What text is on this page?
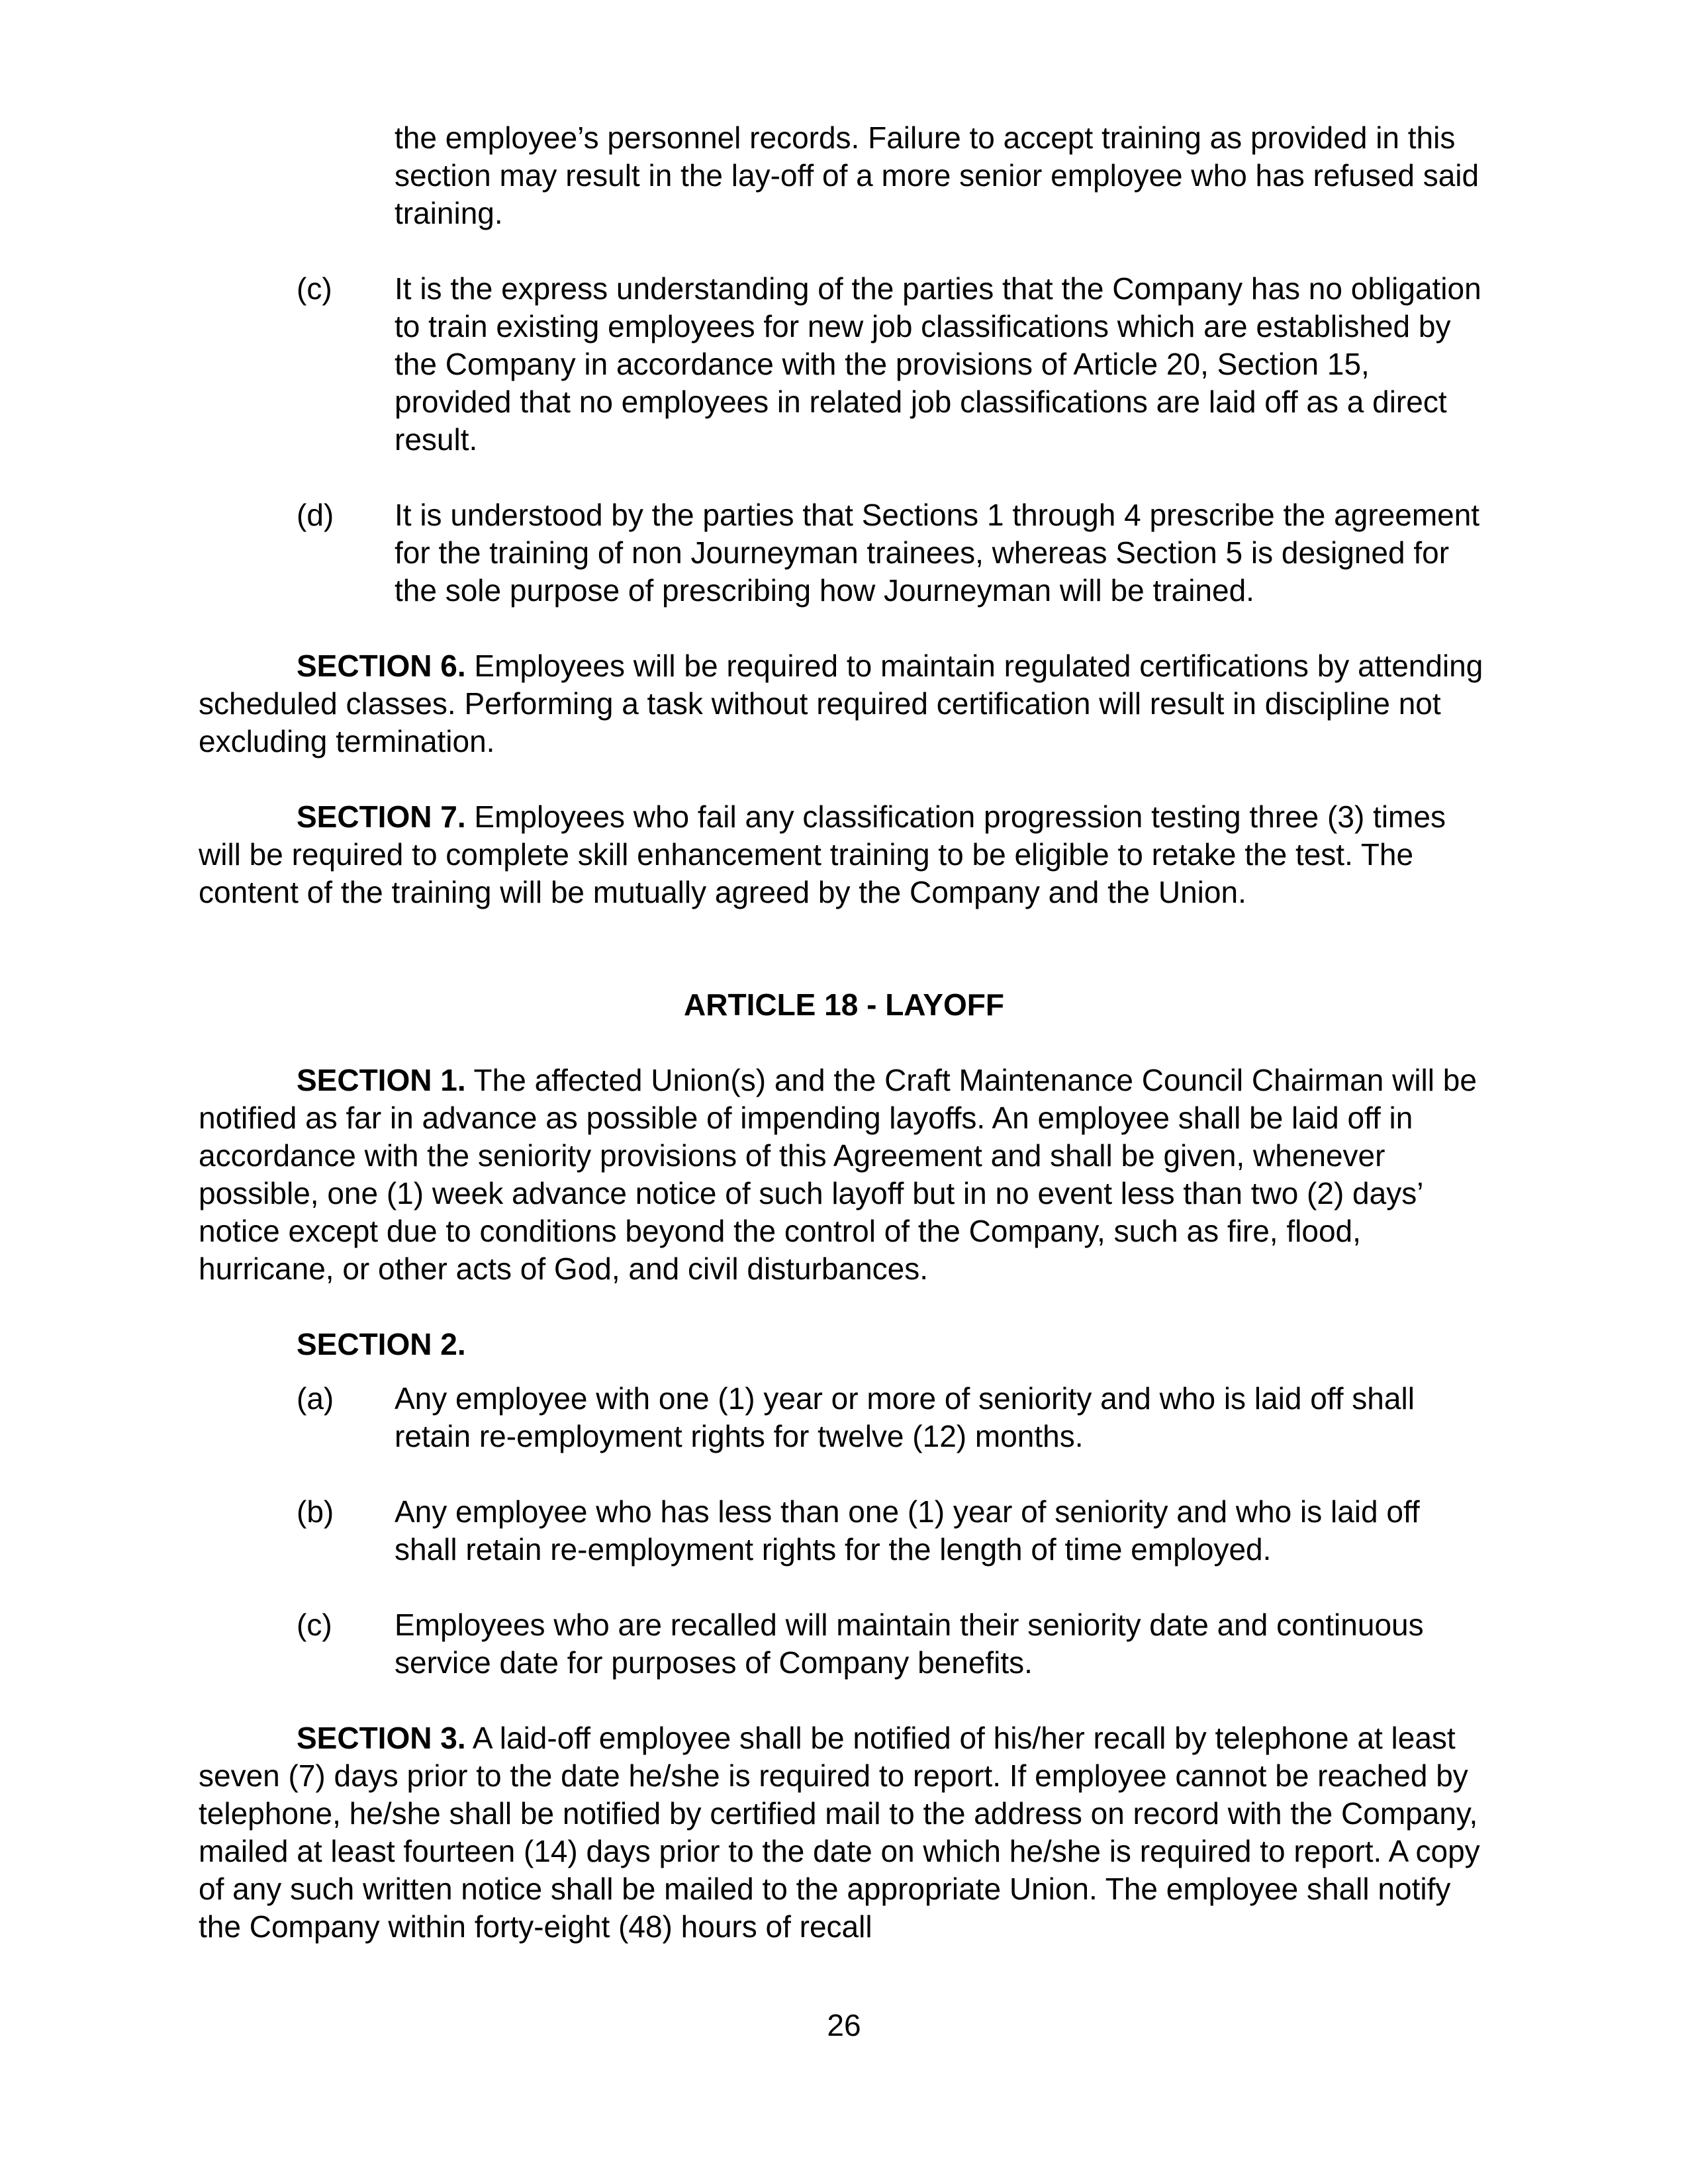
the employee’s personnel records. Failure to accept training as provided in this section may result in the lay-off of a more senior employee who has refused said training.

(c)	It is the express understanding of the parties that the Company has no obligation to train existing employees for new job classifications which are established by the Company in accordance with the provisions of Article 20, Section 15, provided that no employees in related job classifications are laid off as a direct result.
(d)	It is understood by the parties that Sections 1 through 4 prescribe the agreement for the training of non Journeyman trainees, whereas Section 5 is designed for the sole purpose of prescribing how Journeyman will be trained.

SECTION 6. Employees will be required to maintain regulated certifications by attending scheduled classes. Performing a task without required certification will result in discipline not excluding termination.

SECTION 7. Employees who fail any classification progression testing three (3) times will be required to complete skill enhancement training to be eligible to retake the test. The content of the training will be mutually agreed by the Company and the Union.

ARTICLE 18 - LAYOFF

SECTION 1. The affected Union(s) and the Craft Maintenance Council Chairman will be notified as far in advance as possible of impending layoffs. An employee shall be laid off in accordance with the seniority provisions of this Agreement and shall be given, whenever possible, one (1) week advance notice of such layoff but in no event less than two (2) days’ notice except due to conditions beyond the control of the Company, such as fire, flood, hurricane, or other acts of God, and civil disturbances.

SECTION 2.
(a)	Any employee with one (1) year or more of seniority and who is laid off shall retain re-employment rights for twelve (12) months.
(b)	Any employee who has less than one (1) year of seniority and who is laid off shall retain re-employment rights for the length of time employed.
(c)	Employees who are recalled will maintain their seniority date and continuous service date for purposes of Company benefits.

SECTION 3. A laid-off employee shall be notified of his/her recall by telephone at least seven (7) days prior to the date he/she is required to report. If employee cannot be reached by telephone, he/she shall be notified by certified mail to the address on record with the Company, mailed at least fourteen (14) days prior to the date on which he/she is required to report. A copy of any such written notice shall be mailed to the appropriate Union. The employee shall notify the Company within forty-eight (48) hours of recall

26
